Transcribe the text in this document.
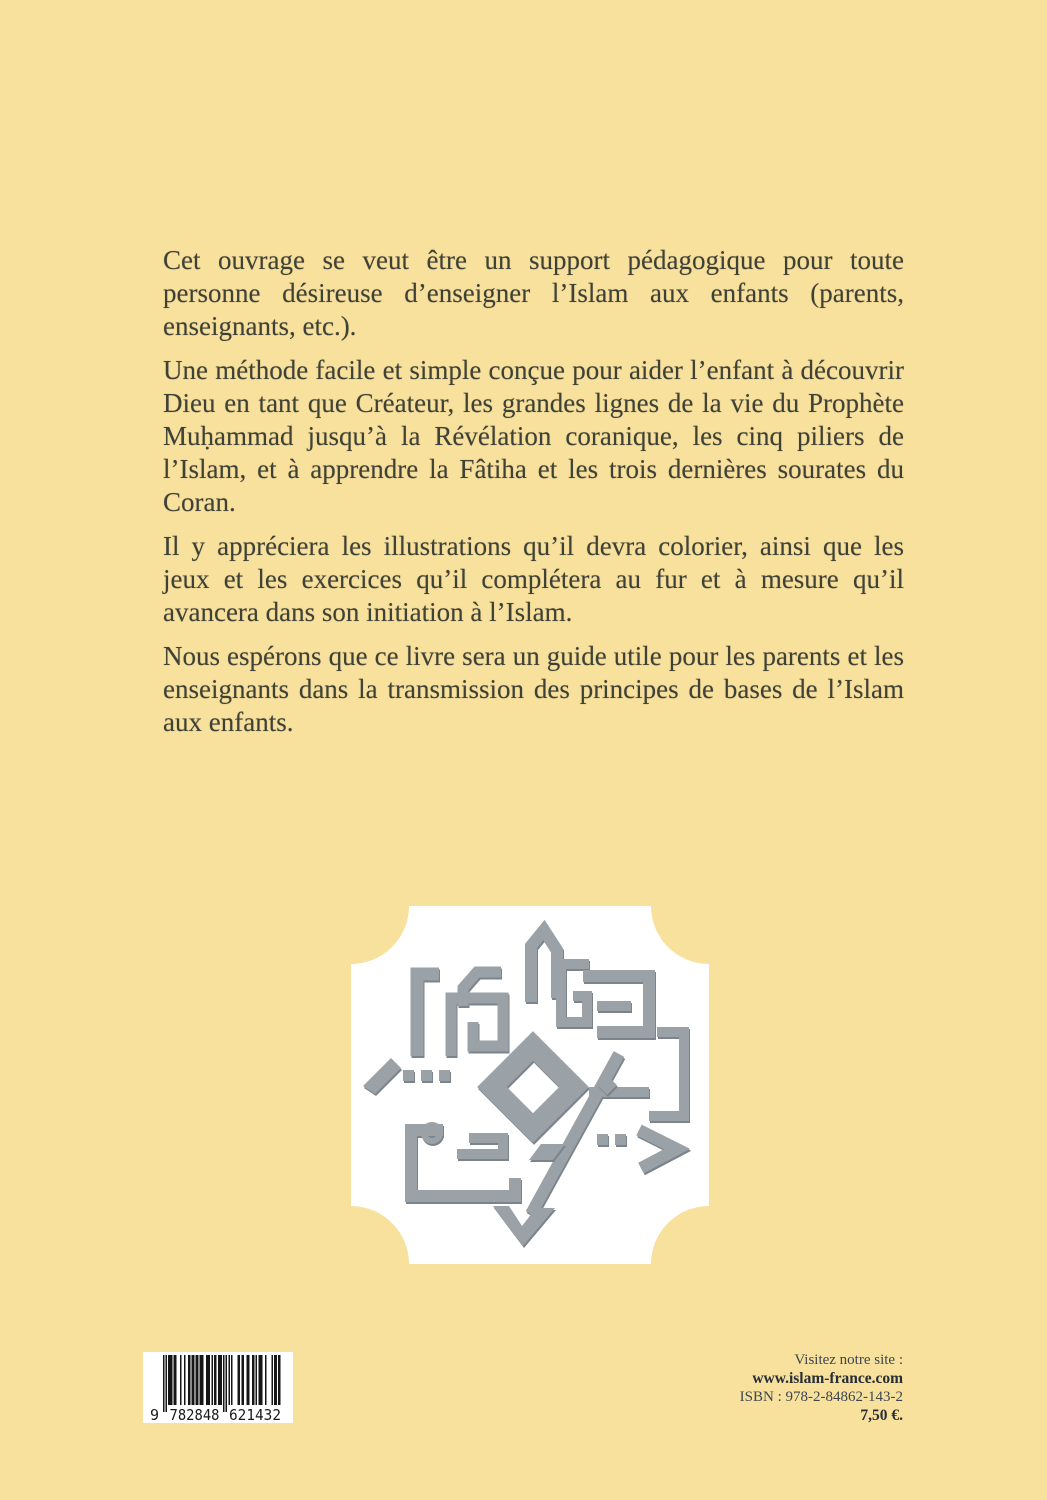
Cet ouvrage se veut être un support pédagogique pour toute personne désireuse d’enseigner l’Islam aux enfants (parents, enseignants, etc.).

Une méthode facile et simple conçue pour aider l’enfant à découvrir Dieu en tant que Créateur, les grandes lignes de la vie du Prophète Muḥammad jusqu’à la Révélation coranique, les cinq piliers de l’Islam, et à apprendre la Fâtiha et les trois dernières sourates du Coran.

Il y appréciera les illustrations qu’il devra colorier, ainsi que les jeux et les exercices qu’il complétera au fur et à mesure qu’il avancera dans son initiation à l’Islam.

Nous espérons que ce livre sera un guide utile pour les parents et les enseignants dans la transmission des principes de bases de l’Islam aux enfants.

9 782848 621432
Visitez notre site :
www.islam-france.com
ISBN : 978-2-84862-143-2
7,50 €.
